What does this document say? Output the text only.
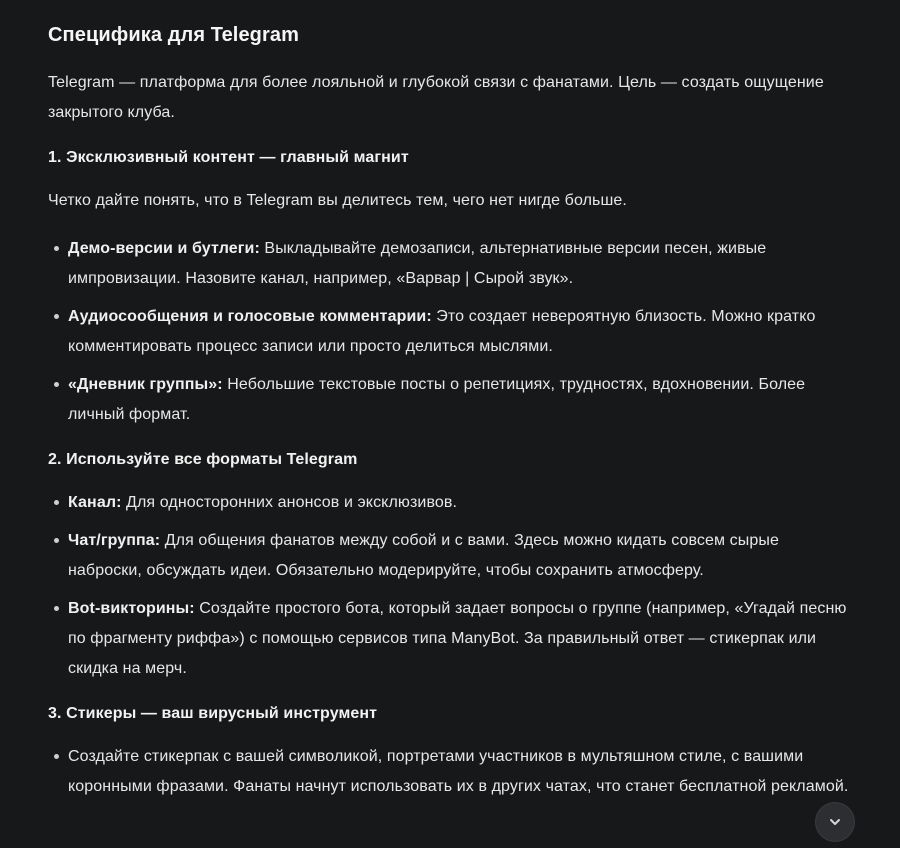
Специфика для Telegram

Telegram — платформа для более лояльной и глубокой связи с фанатами. Цель — создать ощущение закрытого клуба.

1. Эксклюзивный контент — главный магнит

Четко дайте понять, что в Telegram вы делитесь тем, чего нет нигде больше.

Демо-версии и бутлеги: Выкладывайте демозаписи, альтернативные версии песен, живые импровизации. Назовите канал, например, «Варвар | Сырой звук».
Аудиосообщения и голосовые комментарии: Это создает невероятную близость. Можно кратко комментировать процесс записи или просто делиться мыслями.
«Дневник группы»: Небольшие текстовые посты о репетициях, трудностях, вдохновении. Более личный формат.
2. Используйте все форматы Telegram
Канал: Для односторонних анонсов и эксклюзивов.
Чат/группа: Для общения фанатов между собой и с вами. Здесь можно кидать совсем сырые наброски, обсуждать идеи. Обязательно модерируйте, чтобы сохранить атмосферу.
Bot-викторины: Создайте простого бота, который задает вопросы о группе (например, «Угадай песню по фрагменту риффа») с помощью сервисов типа ManyBot. За правильный ответ — стикерпак или скидка на мерч.
3. Стикеры — ваш вирусный инструмент
Создайте стикерпак с вашей символикой, портретами участников в мультяшном стиле, с вашими коронными фразами. Фанаты начнут использовать их в других чатах, что станет бесплатной рекламой.
